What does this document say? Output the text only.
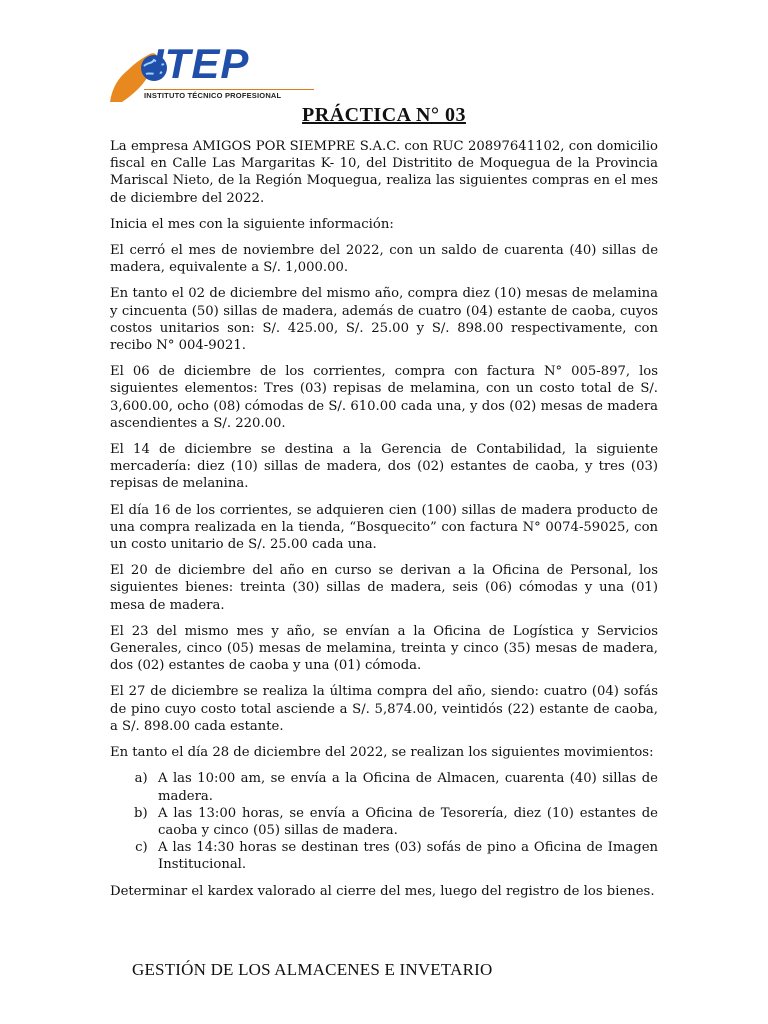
ITEP
INSTITUTO TÉCNICO PROFESIONAL
PRÁCTICA N° 03

La empresa AMIGOS POR SIEMPRE S.A.C. con RUC 20897641102, con domicilio fiscal en Calle Las Margaritas K- 10, del Distritito de Moquegua de la Provincia Mariscal Nieto, de la Región Moquegua, realiza las siguientes compras en el mes de diciembre del 2022.

Inicia el mes con la siguiente información:

El cerró el mes de noviembre del 2022, con un saldo de cuarenta (40) sillas de madera, equivalente a S/. 1,000.00.

En tanto el 02 de diciembre del mismo año, compra diez (10) mesas de melamina y cincuenta (50) sillas de madera, además de cuatro (04) estante de caoba, cuyos costos unitarios son: S/. 425.00, S/. 25.00 y S/. 898.00 respectivamente, con recibo N° 004-9021.

El 06 de diciembre de los corrientes, compra con factura N° 005-897, los siguientes elementos: Tres (03) repisas de melamina, con un costo total de S/. 3,600.00, ocho (08) cómodas de S/. 610.00 cada una, y dos (02) mesas de madera ascendientes a S/. 220.00.

El 14 de diciembre se destina a la Gerencia de Contabilidad, la siguiente mercadería: diez (10) sillas de madera, dos (02) estantes de caoba, y tres (03) repisas de melanina.

El día 16 de los corrientes, se adquieren cien (100) sillas de madera producto de una compra realizada en la tienda, “Bosquecito” con factura N° 0074-59025, con un costo unitario de S/. 25.00 cada una.

El 20 de diciembre del año en curso se derivan a la Oficina de Personal, los siguientes bienes: treinta (30) sillas de madera, seis (06) cómodas y una (01) mesa de madera.

El 23 del mismo mes y año, se envían a la Oficina de Logística y Servicios Generales, cinco (05) mesas de melamina, treinta y cinco (35) mesas de madera, dos (02) estantes de caoba y una (01) cómoda.

El 27 de diciembre se realiza la última compra del año, siendo: cuatro (04) sofás de pino cuyo costo total asciende a S/. 5,874.00, veintidós (22) estante de caoba, a S/. 898.00 cada estante.

En tanto el día 28 de diciembre del 2022, se realizan los siguientes movimientos:

a. A las 10:00 am, se envía a la Oficina de Almacen, cuarenta (40) sillas de madera.
b. A las 13:00 horas, se envía a Oficina de Tesorería, diez (10) estantes de caoba y cinco (05) sillas de madera.
c. A las 14:30 horas se destinan tres (03) sofás de pino a Oficina de Imagen Institucional.

Determinar el kardex valorado al cierre del mes, luego del registro de los bienes.

GESTIÓN DE LOS ALMACENES E INVETARIO
